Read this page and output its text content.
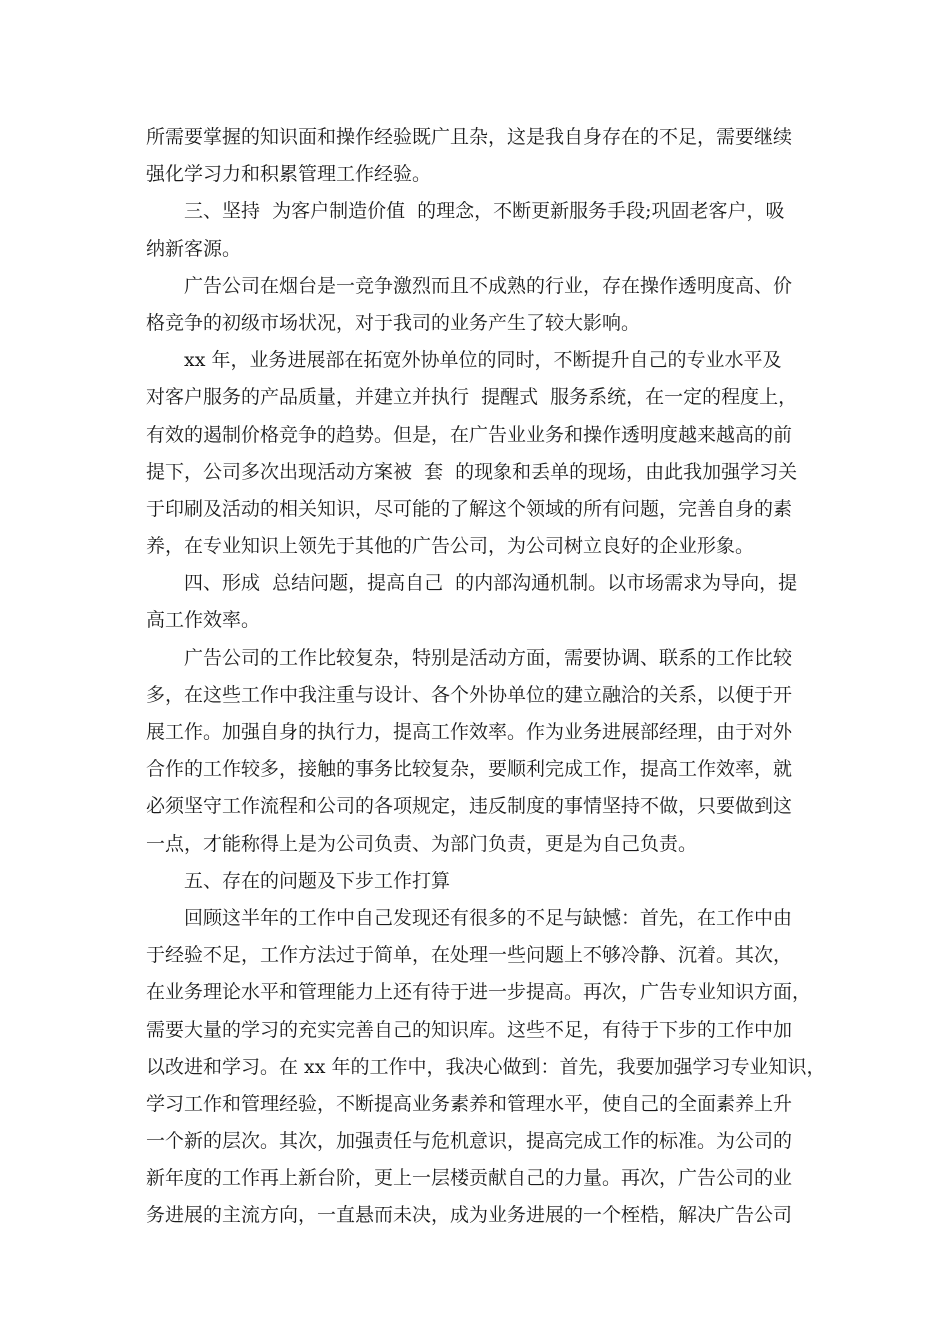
所需要掌握的知识面和操作经验既广且杂，这是我自身存在的不足，需要继续
强化学习力和积累管理工作经验。
三、坚持  为客户制造价值  的理念，不断更新服务手段;巩固老客户，吸
纳新客源。
广告公司在烟台是一竞争激烈而且不成熟的行业，存在操作透明度高、价
格竞争的初级市场状况，对于我司的业务产生了较大影响。
xx 年，业务进展部在拓宽外协单位的同时，不断提升自己的专业水平及
对客户服务的产品质量，并建立并执行  提醒式  服务系统，在一定的程度上，
有效的遏制价格竞争的趋势。但是，在广告业业务和操作透明度越来越高的前
提下，公司多次出现活动方案被  套  的现象和丢单的现场，由此我加强学习关
于印刷及活动的相关知识，尽可能的了解这个领域的所有问题，完善自身的素
养，在专业知识上领先于其他的广告公司，为公司树立良好的企业形象。
四、形成  总结问题，提高自己  的内部沟通机制。以市场需求为导向，提
高工作效率。
广告公司的工作比较复杂，特别是活动方面，需要协调、联系的工作比较
多，在这些工作中我注重与设计、各个外协单位的建立融洽的关系，以便于开
展工作。加强自身的执行力，提高工作效率。作为业务进展部经理，由于对外
合作的工作较多，接触的事务比较复杂，要顺利完成工作，提高工作效率，就
必须坚守工作流程和公司的各项规定，违反制度的事情坚持不做，只要做到这
一点，才能称得上是为公司负责、为部门负责，更是为自己负责。
五、存在的问题及下步工作打算
回顾这半年的工作中自己发现还有很多的不足与缺憾：首先，在工作中由
于经验不足，工作方法过于简单，在处理一些问题上不够冷静、沉着。其次，
在业务理论水平和管理能力上还有待于进一步提高。再次，广告专业知识方面，
需要大量的学习的充实完善自己的知识库。这些不足，有待于下步的工作中加
以改进和学习。在 xx 年的工作中，我决心做到：首先，我要加强学习专业知识，
学习工作和管理经验，不断提高业务素养和管理水平，使自己的全面素养上升
一个新的层次。其次，加强责任与危机意识，提高完成工作的标准。为公司的
新年度的工作再上新台阶，更上一层楼贡献自己的力量。再次，广告公司的业
务进展的主流方向，一直悬而未决，成为业务进展的一个桎梏，解决广告公司
